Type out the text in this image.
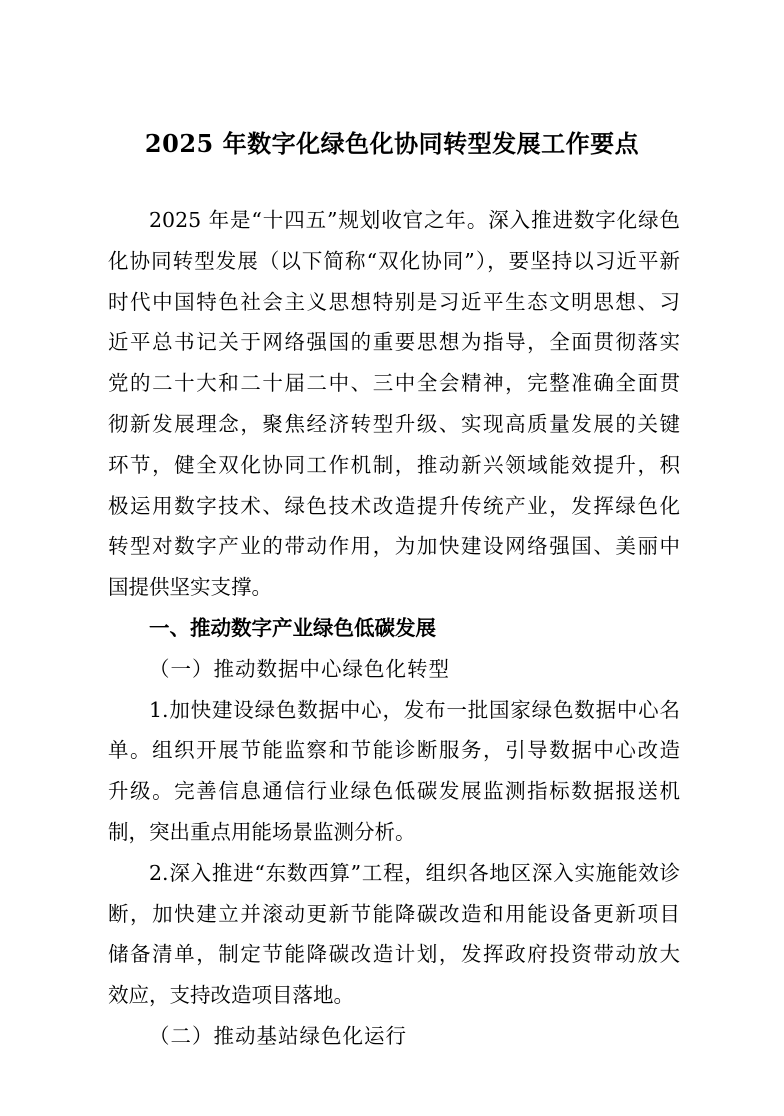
2025 年数字化绿色化协同转型发展工作要点
2025 年是“十四五”规划收官之年。深入推进数字化绿色
化协同转型发展（以下简称“双化协同”），要坚持以习近平新
时代中国特色社会主义思想特别是习近平生态文明思想、习
近平总书记关于网络强国的重要思想为指导，全面贯彻落实
党的二十大和二十届二中、三中全会精神，完整准确全面贯
彻新发展理念，聚焦经济转型升级、实现高质量发展的关键
环节，健全双化协同工作机制，推动新兴领域能效提升，积
极运用数字技术、绿色技术改造提升传统产业，发挥绿色化
转型对数字产业的带动作用，为加快建设网络强国、美丽中
国提供坚实支撑。
一、推动数字产业绿色低碳发展
（一）推动数据中心绿色化转型
1.加快建设绿色数据中心，发布一批国家绿色数据中心名
单。组织开展节能监察和节能诊断服务，引导数据中心改造
升级。完善信息通信行业绿色低碳发展监测指标数据报送机
制，突出重点用能场景监测分析。
2.深入推进“东数西算”工程，组织各地区深入实施能效诊
断，加快建立并滚动更新节能降碳改造和用能设备更新项目
储备清单，制定节能降碳改造计划，发挥政府投资带动放大
效应，支持改造项目落地。
（二）推动基站绿色化运行
